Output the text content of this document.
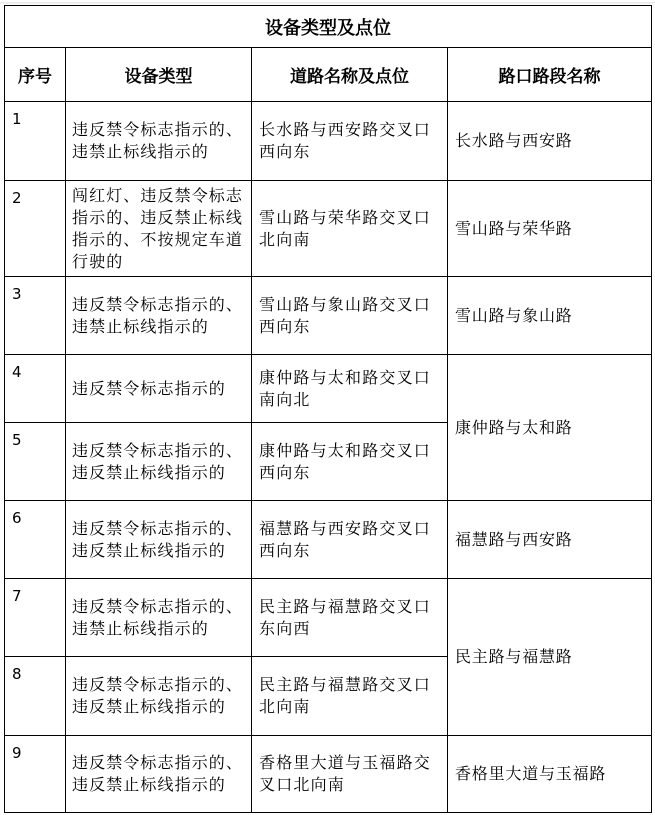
设备类型及点位			
序号	设备类型	道路名称及点位	路口路段名称
1	违反禁令标志指示的、违禁止标线指示的	长水路与西安路交叉口西向东	长水路与西安路
2	闯红灯、违反禁令标志指示的、违反禁止标线指示的、不按规定车道行驶的	雪山路与荣华路交叉口北向南	雪山路与荣华路
3	违反禁令标志指示的、违禁止标线指示的	雪山路与象山路交叉口西向东	雪山路与象山路
4	违反禁令标志指示的	康仲路与太和路交叉口南向北	康仲路与太和路
5	违反禁令标志指示的、违反禁止标线指示的	康仲路与太和路交叉口西向东	

6	违反禁令标志指示的、违反禁止标线指示的	福慧路与西安路交叉口西向东	福慧路与西安路
7	违反禁令标志指示的、违禁止标线指示的	民主路与福慧路交叉口东向西	民主路与福慧路
8	违反禁令标志指示的、违反禁止标线指示的	民主路与福慧路交叉口北向南	

9	违反禁令标志指示的、违反禁止标线指示的	香格里大道与玉福路交叉口北向南	香格里大道与玉福路
